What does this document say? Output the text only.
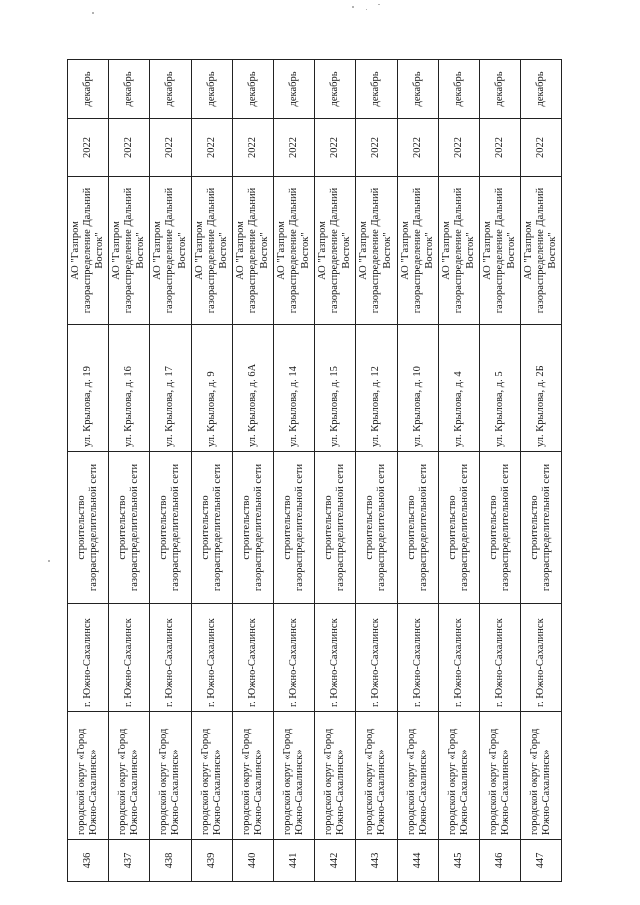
436	городской округ «Город Южно-Сахалинск»	г. Южно-Сахалинск	строительство газораспределительной сети	ул. Крылова, д. 19	АО "Газпром газораспределение Дальний Восток"	2022	декабрь
437	городской округ «Город Южно-Сахалинск»	г. Южно-Сахалинск	строительство газораспределительной сети	ул. Крылова, д. 16	АО "Газпром газораспределение Дальний Восток"	2022	декабрь
438	городской округ «Город Южно-Сахалинск»	г. Южно-Сахалинск	строительство газораспределительной сети	ул. Крылова, д. 17	АО "Газпром газораспределение Дальний Восток"	2022	декабрь
439	городской округ «Город Южно-Сахалинск»	г. Южно-Сахалинск	строительство газораспределительной сети	ул. Крылова, д. 9	АО "Газпром газораспределение Дальний Восток"	2022	декабрь
440	городской округ «Город Южно-Сахалинск»	г. Южно-Сахалинск	строительство газораспределительной сети	ул. Крылова, д. 6А	АО "Газпром газораспределение Дальний Восток"	2022	декабрь
441	городской округ «Город Южно-Сахалинск»	г. Южно-Сахалинск	строительство газораспределительной сети	ул. Крылова, д. 14	АО "Газпром газораспределение Дальний Восток"	2022	декабрь
442	городской округ «Город Южно-Сахалинск»	г. Южно-Сахалинск	строительство газораспределительной сети	ул. Крылова, д. 15	АО "Газпром газораспределение Дальний Восток"	2022	декабрь
443	городской округ «Город Южно-Сахалинск»	г. Южно-Сахалинск	строительство газораспределительной сети	ул. Крылова, д. 12	АО "Газпром газораспределение Дальний Восток"	2022	декабрь
444	городской округ «Город Южно-Сахалинск»	г. Южно-Сахалинск	строительство газораспределительной сети	ул. Крылова, д. 10	АО "Газпром газораспределение Дальний Восток"	2022	декабрь
445	городской округ «Город Южно-Сахалинск»	г. Южно-Сахалинск	строительство газораспределительной сети	ул. Крылова, д. 4	АО "Газпром газораспределение Дальний Восток"	2022	декабрь
446	городской округ «Город Южно-Сахалинск»	г. Южно-Сахалинск	строительство газораспределительной сети	ул. Крылова, д. 5	АО "Газпром газораспределение Дальний Восток"	2022	декабрь
447	городской округ «Город Южно-Сахалинск»	г. Южно-Сахалинск	строительство газораспределительной сети	ул. Крылова, д. 2Б	АО "Газпром газораспределение Дальний Восток"	2022	декабрь
